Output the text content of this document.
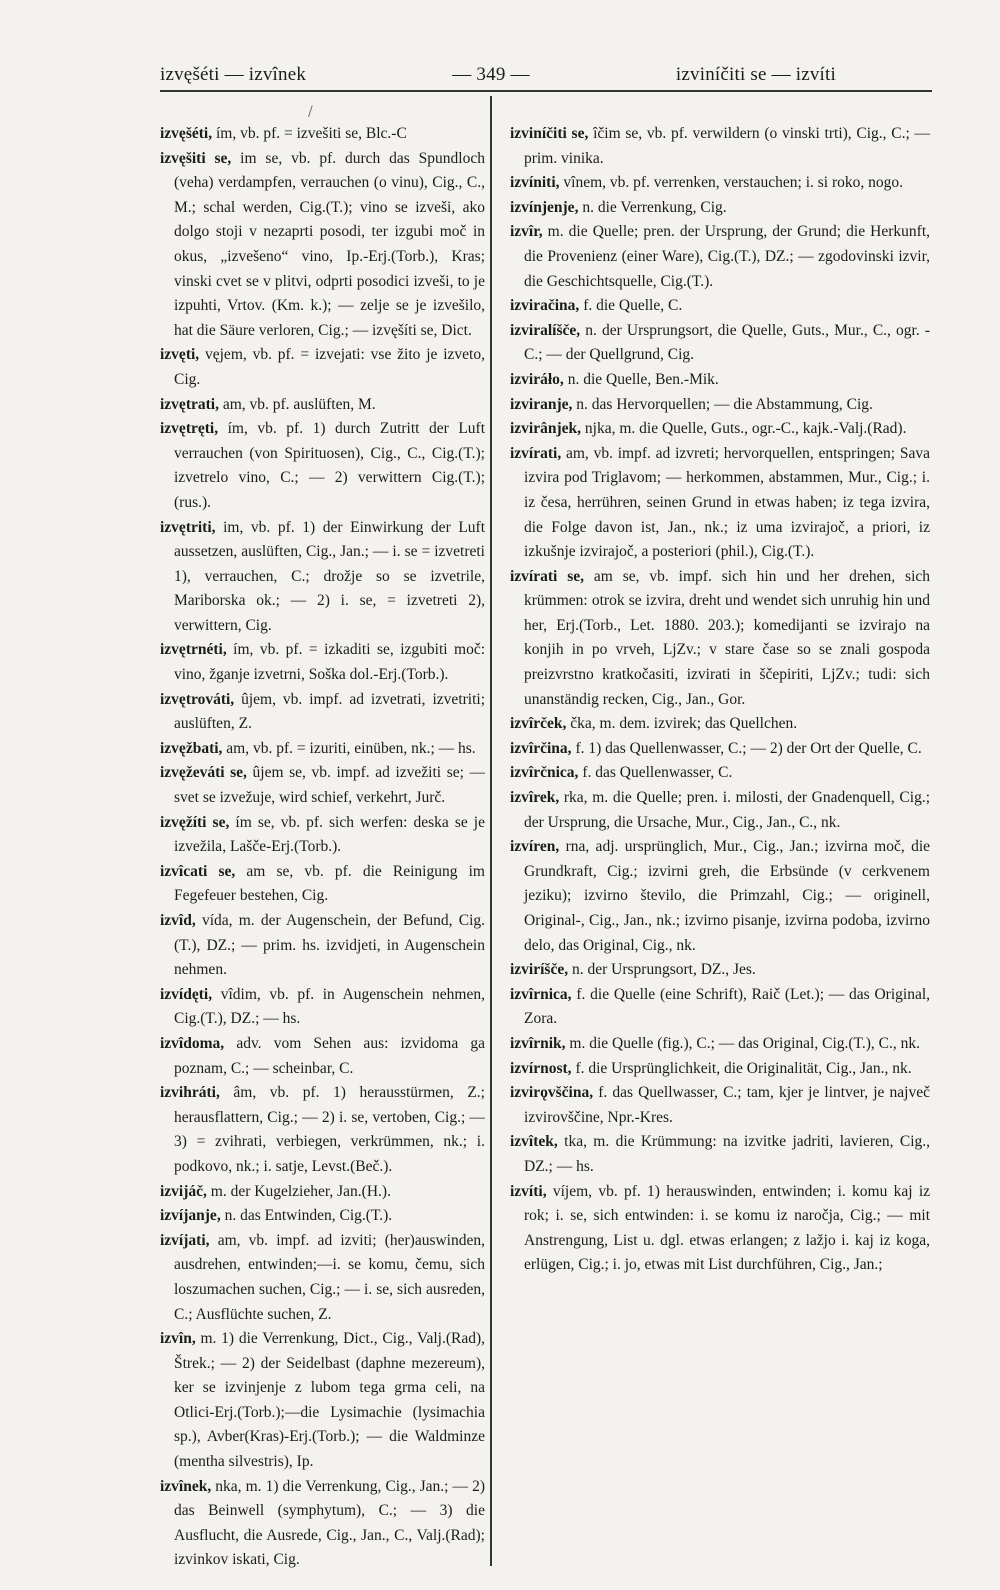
izvęšéti — izvînek	— 349 —	izviníčiti se — izvíti
/

izvęšéti, ím, vb. pf. = izvešiti se, Blc.-C

izvęšiti se, im se, vb. pf. durch das Spundloch (veha) verdampfen, verrauchen (o vinu), Cig., C., M.; schal werden, Cig.(T.); vino se izveši, ako dolgo stoji v nezaprti posodi, ter izgubi moč in okus, „izvešeno“ vino, Ip.-Erj.(Torb.), Kras; vinski cvet se v plitvi, odprti posodici izveši, to je izpuhti, Vrtov. (Km. k.); — zelje se je izvešilo, hat die Säure verloren, Cig.; — izvęšíti se, Dict.

izvęti, vęjem, vb. pf. = izvejati: vse žito je izveto, Cig.

izvętrati, am, vb. pf. auslüften, M.

izvętręti, ím, vb. pf. 1) durch Zutritt der Luft verrauchen (von Spirituosen), Cig., C., Cig.(T.); izvetrelo vino, C.; — 2) verwittern Cig.(T.); (rus.).

izvętriti, im, vb. pf. 1) der Einwirkung der Luft aussetzen, auslüften, Cig., Jan.; — i. se = izvetreti 1), verrauchen, C.; drožje so se izvetrile, Mariborska ok.; — 2) i. se, = izvetreti 2), verwittern, Cig.

izvętrnéti, ím, vb. pf. = izkaditi se, izgubiti moč: vino, žganje izvetrni, Soška dol.-Erj.(Torb.).

izvętrováti, ûjem, vb. impf. ad izvetrati, izvetriti; auslüften, Z.

izvęžbati, am, vb. pf. = izuriti, einüben, nk.; — hs.

izvęževáti se, ûjem se, vb. impf. ad izvežiti se; — svet se izvežuje, wird schief, verkehrt, Jurč.

izvęžíti se, ím se, vb. pf. sich werfen: deska se je izvežila, Lašče-Erj.(Torb.).

izvîcati se, am se, vb. pf. die Reinigung im Fegefeuer bestehen, Cig.

izvîd, vída, m. der Augenschein, der Befund, Cig.(T.), DZ.; — prim. hs. izvidjeti, in Augenschein nehmen.

izvídęti, vîdim, vb. pf. in Augenschein nehmen, Cig.(T.), DZ.; — hs.

izvîdoma, adv. vom Sehen aus: izvidoma ga poznam, C.; — scheinbar, C.

izvihráti, âm, vb. pf. 1) herausstürmen, Z.; herausflattern, Cig.; — 2) i. se, vertoben, Cig.; — 3) = zvihrati, verbiegen, verkrümmen, nk.; i. podkovo, nk.; i. satje, Levst.(Beč.).

izvijáč, m. der Kugelzieher, Jan.(H.).

izvíjanje, n. das Entwinden, Cig.(T.).

izvíjati, am, vb. impf. ad izviti; (her)auswinden, ausdrehen, entwinden;—i. se komu, čemu, sich loszumachen suchen, Cig.; — i. se, sich ausreden, C.; Ausflüchte suchen, Z.

izvîn, m. 1) die Verrenkung, Dict., Cig., Valj.(Rad), Štrek.; — 2) der Seidelbast (daphne mezereum), ker se izvinjenje z lubom tega grma celi, na Otlici-Erj.(Torb.);—die Lysimachie (lysimachia sp.), Avber(Kras)-Erj.(Torb.); — die Waldminze (mentha silvestris), Ip.

izvînek, nka, m. 1) die Verrenkung, Cig., Jan.; — 2) das Beinwell (symphytum), C.; — 3) die Ausflucht, die Ausrede, Cig., Jan., C., Valj.(Rad); izvinkov iskati, Cig.

izviníčiti se, îčim se, vb. pf. verwildern (o vinski trti), Cig., C.; — prim. vinika.

izvíniti, vînem, vb. pf. verrenken, verstauchen; i. si roko, nogo.

izvínjenje, n. die Verrenkung, Cig.

izvîr, m. die Quelle; pren. der Ursprung, der Grund; die Herkunft, die Provenienz (einer Ware), Cig.(T.), DZ.; — zgodovinski izvir, die Geschichtsquelle, Cig.(T.).

izviračina, f. die Quelle, C.

izviralíšče, n. der Ursprungsort, die Quelle, Guts., Mur., C., ogr. - C.; — der Quellgrund, Cig.

izviráło, n. die Quelle, Ben.-Mik.

izviranje, n. das Hervorquellen; — die Abstammung, Cig.

izvirânjek, njka, m. die Quelle, Guts., ogr.-C., kajk.-Valj.(Rad).

izvírati, am, vb. impf. ad izvreti; hervorquellen, entspringen; Sava izvira pod Triglavom; — herkommen, abstammen, Mur., Cig.; i. iz česa, herrühren, seinen Grund in etwas haben; iz tega izvira, die Folge davon ist, Jan., nk.; iz uma izvirajoč, a priori, iz izkušnje izvirajoč, a posteriori (phil.), Cig.(T.).

izvírati se, am se, vb. impf. sich hin und her drehen, sich krümmen: otrok se izvira, dreht und wendet sich unruhig hin und her, Erj.(Torb., Let. 1880. 203.); komedijanti se izvirajo na konjih in po vrveh, LjZv.; v stare čase so se znali gospoda preizvrstno kratkočasiti, izvirati in ščepiriti, LjZv.; tudi: sich unanständig recken, Cig., Jan., Gor.

izvîrček, čka, m. dem. izvirek; das Quellchen.

izvîrčina, f. 1) das Quellenwasser, C.; — 2) der Ort der Quelle, C.

izvîrčnica, f. das Quellenwasser, C.

izvîrek, rka, m. die Quelle; pren. i. milosti, der Gnadenquell, Cig.; der Ursprung, die Ursache, Mur., Cig., Jan., C., nk.

izvíren, rna, adj. ursprünglich, Mur., Cig., Jan.; izvirna moč, die Grundkraft, Cig.; izvirni greh, die Erbsünde (v cerkvenem jeziku); izvirno število, die Primzahl, Cig.; — originell, Original-, Cig., Jan., nk.; izvirno pisanje, izvirna podoba, izvirno delo, das Original, Cig., nk.

izviríšče, n. der Ursprungsort, DZ., Jes.

izvîrnica, f. die Quelle (eine Schrift), Raič (Let.); — das Original, Zora.

izvîrnik, m. die Quelle (fig.), C.; — das Original, Cig.(T.), C., nk.

izvírnost, f. die Ursprünglichkeit, die Originalität, Cig., Jan., nk.

izvirǫvščina, f. das Quellwasser, C.; tam, kjer je lintver, je največ izvirovščine, Npr.-Kres.

izvîtek, tka, m. die Krümmung: na izvitke jadriti, lavieren, Cig., DZ.; — hs.

izvíti, víjem, vb. pf. 1) herauswinden, entwinden; i. komu kaj iz rok; i. se, sich entwinden: i. se komu iz naročja, Cig.; — mit Anstrengung, List u. dgl. etwas erlangen; z lažjo i. kaj iz koga, erlügen, Cig.; i. jo, etwas mit List durchführen, Cig., Jan.;
